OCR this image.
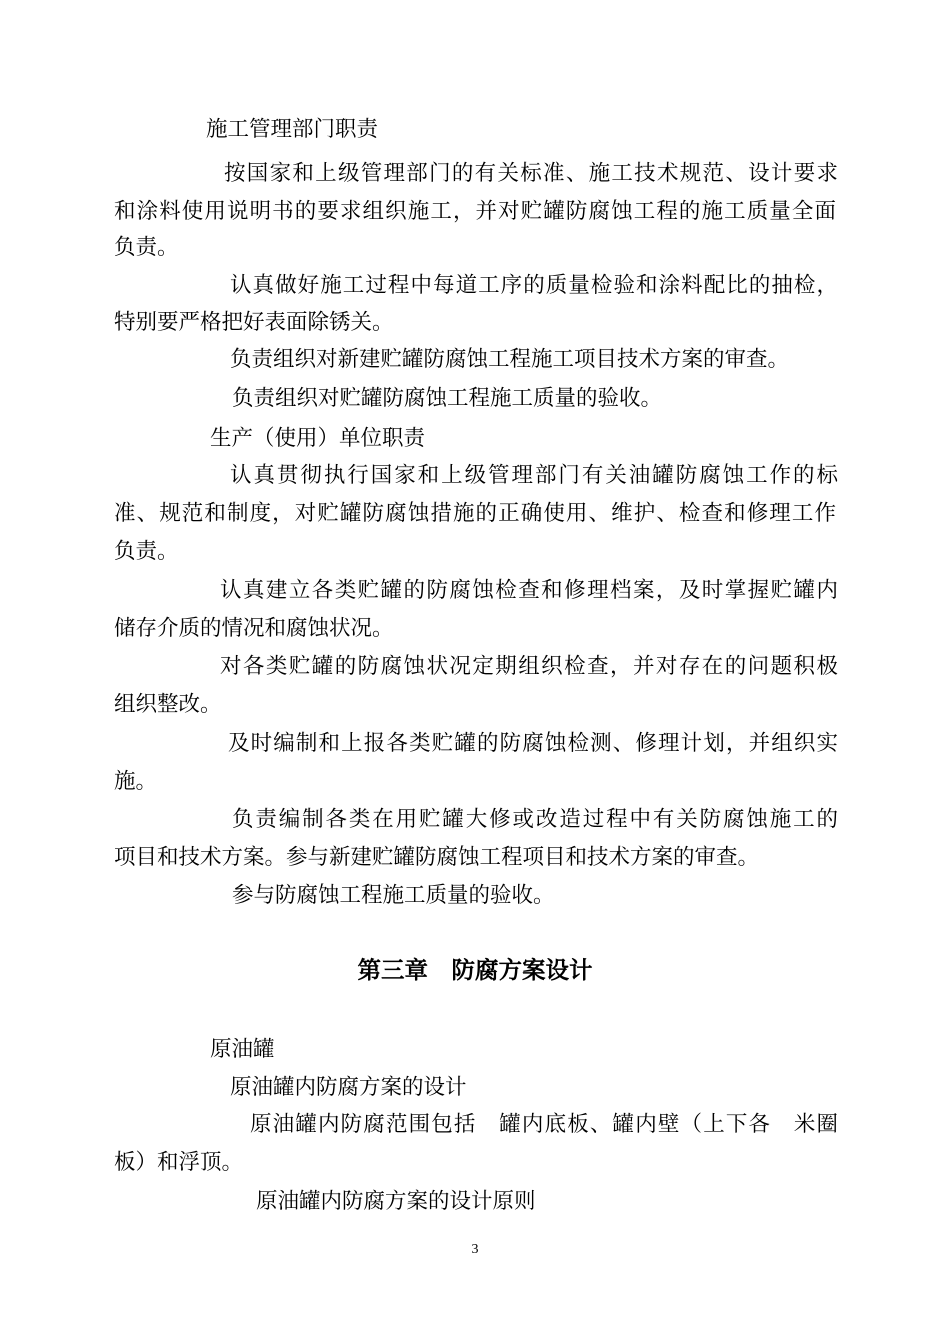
施工管理部门职责
按国家和上级管理部门的有关标准、施工技术规范、设计要求
和涂料使用说明书的要求组织施工，并对贮罐防腐蚀工程的施工质量全面
负责。
认真做好施工过程中每道工序的质量检验和涂料配比的抽检，
特别要严格把好表面除锈关。
负责组织对新建贮罐防腐蚀工程施工项目技术方案的审查。
负责组织对贮罐防腐蚀工程施工质量的验收。
生产（使用）单位职责
认真贯彻执行国家和上级管理部门有关油罐防腐蚀工作的标
准、规范和制度，对贮罐防腐蚀措施的正确使用、维护、检查和修理工作
负责。
认真建立各类贮罐的防腐蚀检查和修理档案，及时掌握贮罐内
储存介质的情况和腐蚀状况。
对各类贮罐的防腐蚀状况定期组织检查，并对存在的问题积极
组织整改。
及时编制和上报各类贮罐的防腐蚀检测、修理计划，并组织实
施。
负责编制各类在用贮罐大修或改造过程中有关防腐蚀施工的
项目和技术方案。参与新建贮罐防腐蚀工程项目和技术方案的审查。
参与防腐蚀工程施工质量的验收。
第三章　防腐方案设计
原油罐
原油罐内防腐方案的设计
原油罐内防腐范围包括　罐内底板、罐内壁（上下各　米圈
板）和浮顶。
原油罐内防腐方案的设计原则
3
